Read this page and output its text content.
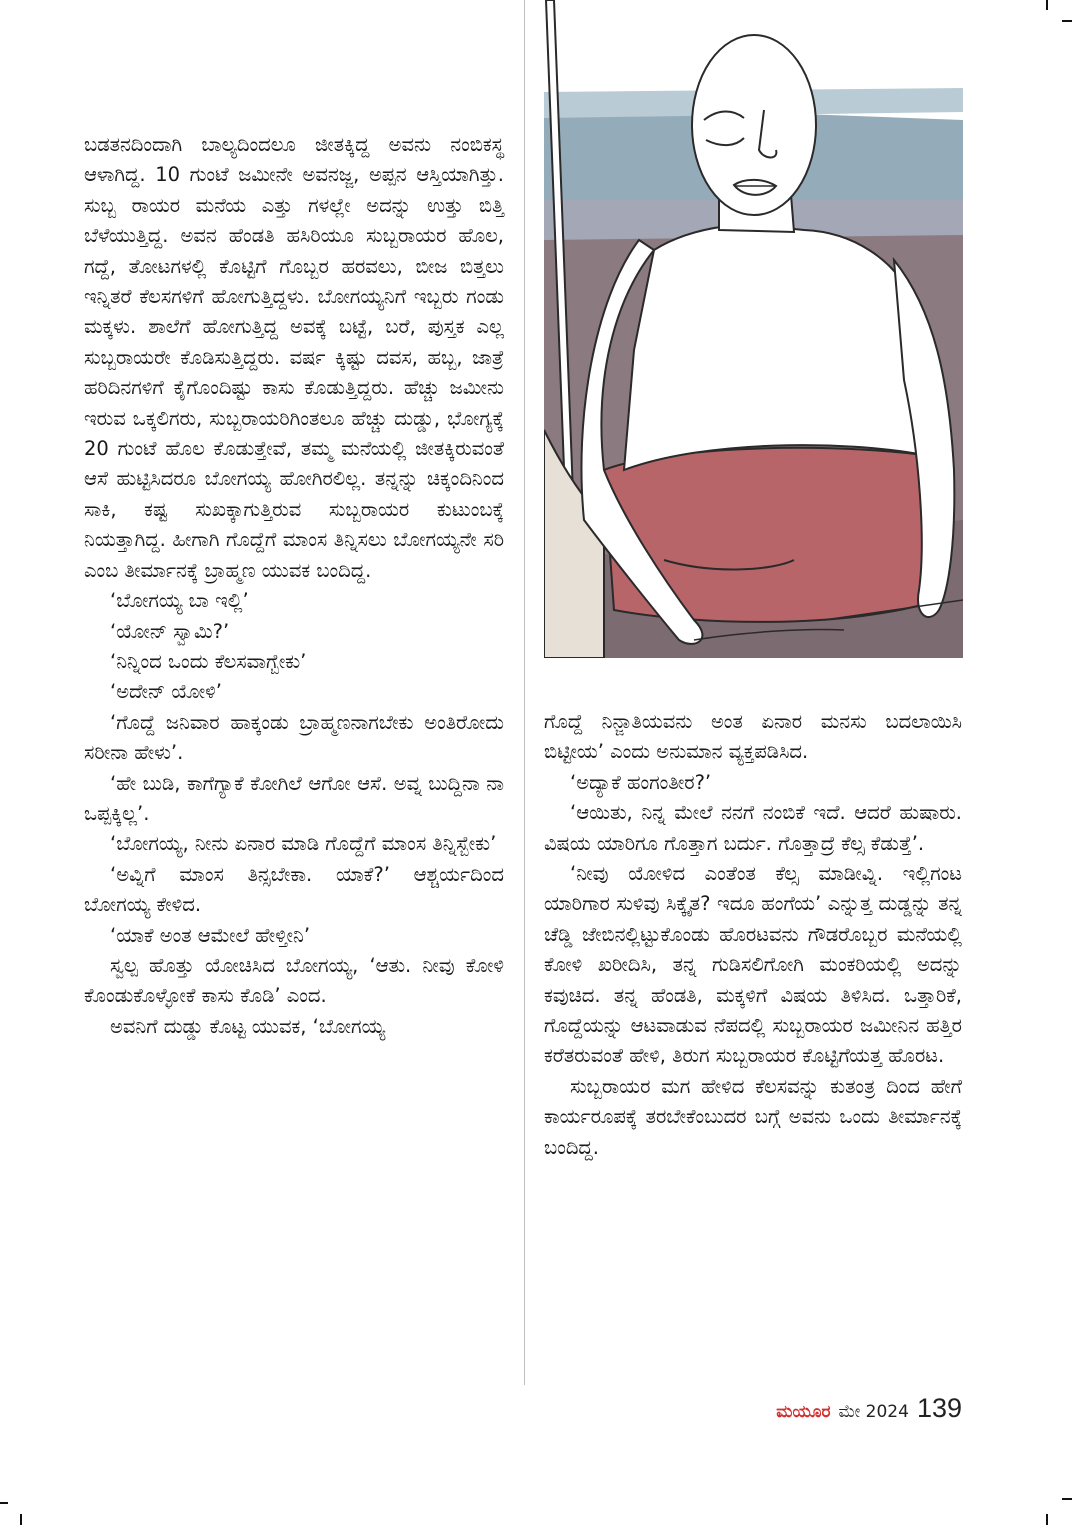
ಬಡತನದಿಂದಾಗಿ ಬಾಲ್ಯದಿಂದಲೂ ಜೀತಕ್ಕಿದ್ದ ಅವನು ನಂಬಿಕಸ್ಥ ಆಳಾಗಿದ್ದ. 10 ಗುಂಟೆ ಜಮೀನೇ ಅವನಜ್ಜ, ಅಪ್ಪನ ಆಸ್ತಿಯಾಗಿತ್ತು. ಸುಬ್ಬ ರಾಯರ ಮನೆಯ ಎತ್ತು ಗಳಲ್ಲೇ ಅದನ್ನು ಉತ್ತು ಬಿತ್ತಿ ಬೆಳೆಯುತ್ತಿದ್ದ. ಅವನ ಹೆಂಡತಿ ಹಸಿರಿಯೂ ಸುಬ್ಬರಾಯರ ಹೊಲ, ಗದ್ದೆ, ತೋಟಗಳಲ್ಲಿ ಕೊಟ್ಟಿಗೆ ಗೊಬ್ಬರ ಹರವಲು, ಬೀಜ ಬಿತ್ತಲು ಇನ್ನಿತರೆ ಕೆಲಸಗಳಿಗೆ ಹೋಗುತ್ತಿದ್ದಳು. ಬೋಗಯ್ಯನಿಗೆ ಇಬ್ಬರು ಗಂಡು ಮಕ್ಕಳು. ಶಾಲೆಗೆ ಹೋಗುತ್ತಿದ್ದ ಅವಕ್ಕೆ ಬಟ್ಟೆ, ಬರೆ, ಪುಸ್ತಕ ಎಲ್ಲ ಸುಬ್ಬರಾಯರೇ ಕೊಡಿಸುತ್ತಿದ್ದರು. ವರ್ಷ ಕ್ಕಿಷ್ಟು ದವಸ, ಹಬ್ಬ, ಜಾತ್ರೆ ಹರಿದಿನಗಳಿಗೆ ಕೈಗೊಂದಿಷ್ಟು ಕಾಸು ಕೊಡುತ್ತಿದ್ದರು. ಹೆಚ್ಚು ಜಮೀನು ಇರುವ ಒಕ್ಕಲಿಗರು, ಸುಬ್ಬರಾಯರಿಗಿಂತಲೂ ಹೆಚ್ಚು ದುಡ್ಡು, ಭೋಗ್ಯಕ್ಕೆ 20 ಗುಂಟೆ ಹೊಲ ಕೊಡುತ್ತೇವೆ, ತಮ್ಮ ಮನೆಯಲ್ಲಿ ಜೀತಕ್ಕಿರುವಂತೆ ಆಸೆ ಹುಟ್ಟಿಸಿದರೂ ಬೋಗಯ್ಯ ಹೋಗಿರಲಿಲ್ಲ. ತನ್ನನ್ನು ಚಿಕ್ಕಂದಿನಿಂದ ಸಾಕಿ, ಕಷ್ಟ ಸುಖಕ್ಕಾಗುತ್ತಿರುವ ಸುಬ್ಬರಾಯರ ಕುಟುಂಬಕ್ಕೆ ನಿಯತ್ತಾಗಿದ್ದ. ಹೀಗಾಗಿ ಗೊದ್ದೆಗೆ ಮಾಂಸ ತಿನ್ನಿಸಲು ಬೋಗಯ್ಯನೇ ಸರಿ ಎಂಬ ತೀರ್ಮಾನಕ್ಕೆ ಬ್ರಾಹ್ಮಣ ಯುವಕ ಬಂದಿದ್ದ.

‘ಬೋಗಯ್ಯ ಬಾ ಇಲ್ಲಿ’

‘ಯೋನ್ ಸ್ವಾಮಿ?’

‘ನಿನ್ನಿಂದ ಒಂದು ಕೆಲಸವಾಗ್ಬೇಕು’

‘ಅದೇನ್ ಯೋಳಿ’

‘ಗೊದ್ದೆ ಜನಿವಾರ ಹಾಕ್ಕಂಡು ಬ್ರಾಹ್ಮಣನಾಗಬೇಕು ಅಂತಿರೋದು ಸರೀನಾ ಹೇಳು’.

‘ಹೇ ಬುಡಿ, ಕಾಗೆಗ್ಯಾಕೆ ಕೋಗಿಲೆ ಆಗೋ ಆಸೆ. ಅವ್ನ ಬುದ್ದಿನಾ ನಾ ಒಪ್ಪಕ್ಕಿಲ್ಲ’.

‘ಬೋಗಯ್ಯ, ನೀನು ಏನಾರ ಮಾಡಿ ಗೊದ್ದೆಗೆ ಮಾಂಸ ತಿನ್ನಿಸ್ಬೇಕು’

‘ಅವ್ನಿಗೆ ಮಾಂಸ ತಿನ್ಸಬೇಕಾ. ಯಾಕೆ?’ ಆಶ್ಚರ್ಯದಿಂದ ಬೋಗಯ್ಯ ಕೇಳಿದ.

‘ಯಾಕೆ ಅಂತ ಆಮೇಲೆ ಹೇಳ್ತೀನಿ’

ಸ್ವಲ್ಪ ಹೊತ್ತು ಯೋಚಿಸಿದ ಬೋಗಯ್ಯ, ‘ಆತು. ನೀವು ಕೋಳಿ ಕೊಂಡುಕೊಳ್ಳೋಕೆ ಕಾಸು ಕೊಡಿ’ ಎಂದ.

ಅವನಿಗೆ ದುಡ್ಡು ಕೊಟ್ಟ ಯುವಕ, ‘ಬೋಗಯ್ಯ

ಗೊದ್ದೆ ನಿನ್ಜಾತಿಯವನು ಅಂತ ಏನಾರ ಮನಸು ಬದಲಾಯಿಸಿ ಬಿಟ್ಟೀಯ’ ಎಂದು ಅನುಮಾನ ವ್ಯಕ್ತಪಡಿಸಿದ.

‘ಅದ್ಯಾಕೆ ಹಂಗಂತೀರ?’

‘ಆಯಿತು, ನಿನ್ನ ಮೇಲೆ ನನಗೆ ನಂಬಿಕೆ ಇದೆ. ಆದರೆ ಹುಷಾರು. ವಿಷಯ ಯಾರಿಗೂ ಗೊತ್ತಾಗ ಬರ್ದು. ಗೊತ್ತಾದ್ರೆ ಕೆಲ್ಸ ಕೆಡುತ್ತೆ’.

‘ನೀವು ಯೋಳಿದ ಎಂತೆಂತ ಕೆಲ್ಸ ಮಾಡೀವ್ನಿ. ಇಲ್ಲಿಗಂಟ ಯಾರಿಗಾರ ಸುಳಿವು ಸಿಕ್ಕೈತ? ಇದೂ ಹಂಗೆಯ’ ಎನ್ನುತ್ತ ದುಡ್ಡನ್ನು ತನ್ನ ಚೆಡ್ಡಿ ಜೇಬಿನಲ್ಲಿಟ್ಟುಕೊಂಡು ಹೊರಟವನು ಗೌಡರೊಬ್ಬರ ಮನೆಯಲ್ಲಿ ಕೋಳಿ ಖರೀದಿಸಿ, ತನ್ನ ಗುಡಿಸಲಿಗೋಗಿ ಮಂಕರಿಯಲ್ಲಿ ಅದನ್ನು ಕವುಚಿದ. ತನ್ನ ಹೆಂಡತಿ, ಮಕ್ಕಳಿಗೆ ವಿಷಯ ತಿಳಿಸಿದ. ಒತ್ತಾರಿಕೆ, ಗೊದ್ದೆಯನ್ನು ಆಟವಾಡುವ ನೆಪದಲ್ಲಿ ಸುಬ್ಬರಾಯರ ಜಮೀನಿನ ಹತ್ತಿರ ಕರೆತರುವಂತೆ ಹೇಳಿ, ತಿರುಗ ಸುಬ್ಬರಾಯರ ಕೊಟ್ಟಿಗೆಯತ್ತ ಹೊರಟ.

ಸುಬ್ಬರಾಯರ ಮಗ ಹೇಳಿದ ಕೆಲಸವನ್ನು ಕುತಂತ್ರ ದಿಂದ ಹೇಗೆ ಕಾರ್ಯರೂಪಕ್ಕೆ ತರಬೇಕೆಂಬುದರ ಬಗ್ಗೆ ಅವನು ಒಂದು ತೀರ್ಮಾನಕ್ಕೆ ಬಂದಿದ್ದ.

ಮಯೂರ ಮೇ 2024 139
